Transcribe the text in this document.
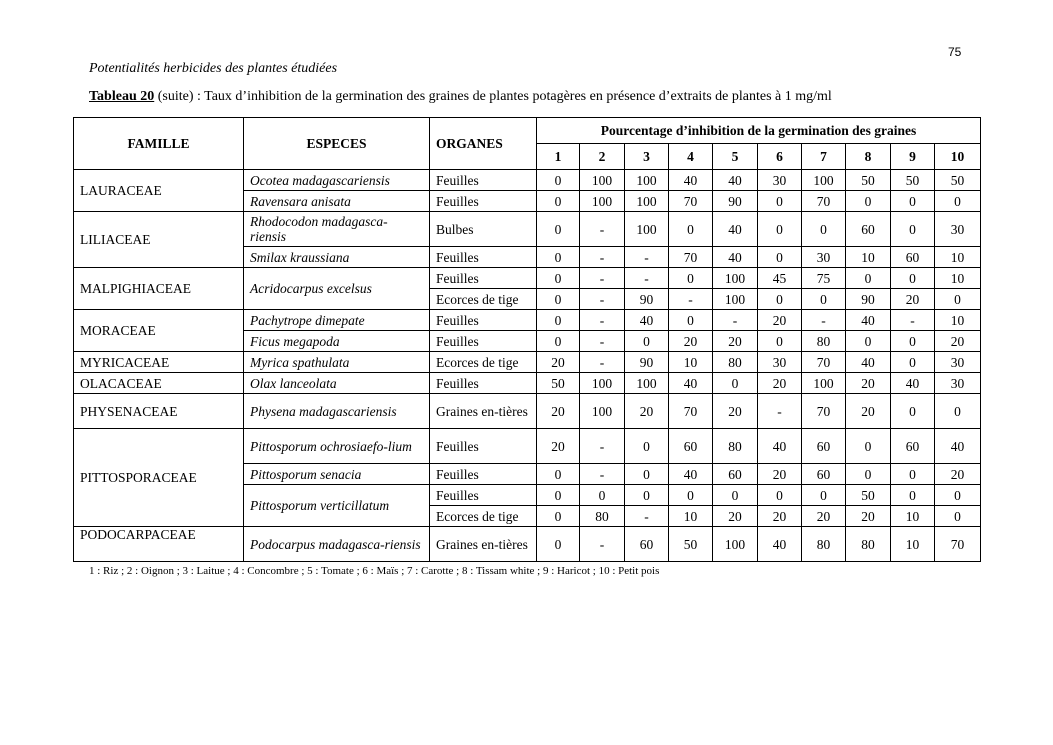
75
Potentialités herbicides des plantes étudiées
Tableau 20 (suite) : Taux d’inhibition de la germination des graines de plantes potagères en présence d’extraits de plantes à 1 mg/ml
FAMILLE	ESPECES	ORGANES	Pourcentage d’inhibition de la germination des graines									
			1	2	3	4	5	6	7	8	9	10
LAURACEAE	Ocotea madagascariensis	Feuilles	0	100	100	40	40	30	100	50	50	50
	Ravensara anisata	Feuilles	0	100	100	70	90	0	70	0	0	0
LILIACEAE	Rhodocodon madagasca-riensis	Bulbes	0	-	100	0	40	0	0	60	0	30
	Smilax kraussiana	Feuilles	0	-	-	70	40	0	30	10	60	10
MALPIGHIACEAE	Acridocarpus excelsus	Feuilles	0	-	-	0	100	45	75	0	0	10
		Ecorces de tige	0	-	90	-	100	0	0	90	20	0
MORACEAE	Pachytrope dimepate	Feuilles	0	-	40	0	-	20	-	40	-	10
	Ficus megapoda	Feuilles	0	-	0	20	20	0	80	0	0	20
MYRICACEAE	Myrica spathulata	Ecorces de tige	20	-	90	10	80	30	70	40	0	30
OLACACEAE	Olax lanceolata	Feuilles	50	100	100	40	0	20	100	20	40	30
PHYSENACEAE	Physena madagascariensis	Graines en-tières	20	100	20	70	20	-	70	20	0	0
PITTOSPORACEAE	Pittosporum ochrosiaefo-lium	Feuilles	20	-	0	60	80	40	60	0	60	40
	Pittosporum senacia	Feuilles	0	-	0	40	60	20	60	0	0	20
	Pittosporum verticillatum	Feuilles	0	0	0	0	0	0	0	50	0	0
		Ecorces de tige	0	80	-	10	20	20	20	20	10	0
PODOCARPACEAE	Podocarpus madagasca-riensis	Graines en-tières	0	-	60	50	100	40	80	80	10	70
1 : Riz ; 2 : Oignon ; 3 : Laitue ; 4 : Concombre ; 5 : Tomate ; 6 : Maïs ; 7 : Carotte ; 8 : Tissam white ; 9 : Haricot ; 10 : Petit pois
